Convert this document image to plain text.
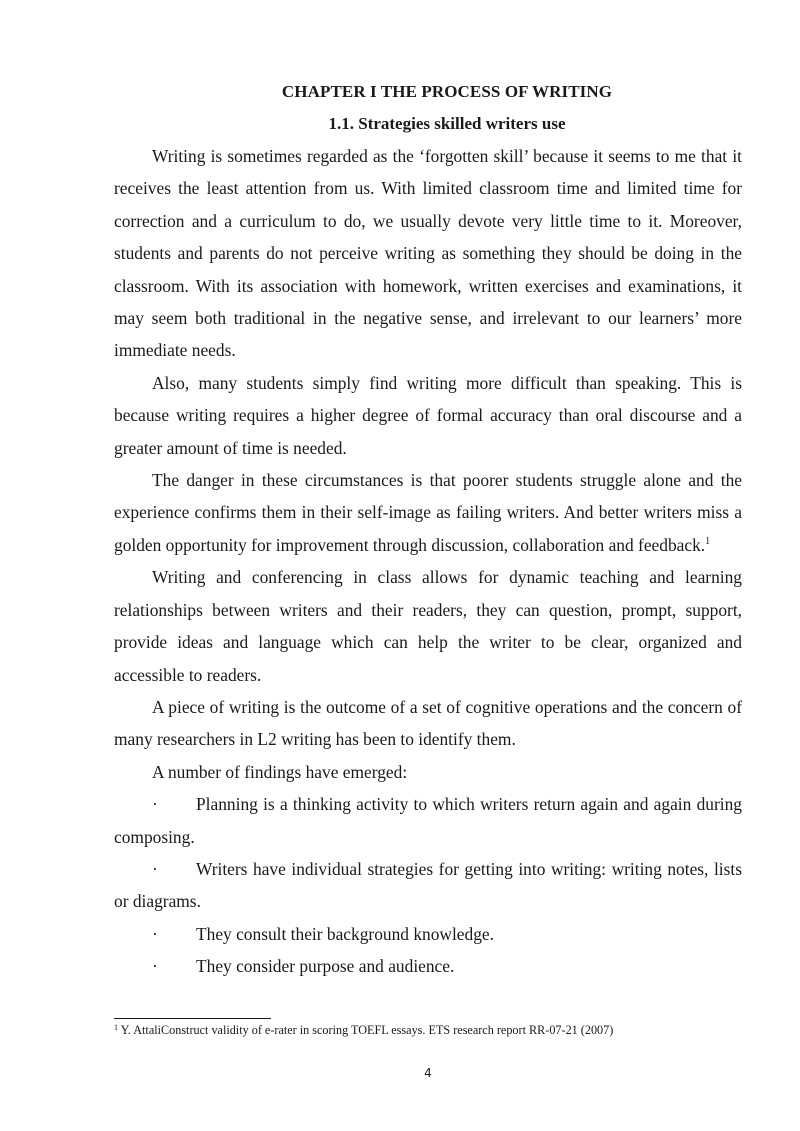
CHAPTER I THE PROCESS OF WRITING

1.1. Strategies skilled writers use

Writing is sometimes regarded as the ‘forgotten skill’ because it seems to me that it receives the least attention from us. With limited classroom time and limited time for correction and a curriculum to do, we usually devote very little time to it. Moreover, students and parents do not perceive writing as something they should be doing in the classroom. With its association with homework, written exercises and examinations, it may seem both traditional in the negative sense, and irrelevant to our learners’ more immediate needs.

Also, many students simply find writing more difficult than speaking. This is because writing requires a higher degree of formal accuracy than oral discourse and a greater amount of time is needed.

The danger in these circumstances is that poorer students struggle alone and the experience confirms them in their self-image as failing writers. And better writers miss a golden opportunity for improvement through discussion, collaboration and feedback.$^1$

Writing and conferencing in class allows for dynamic teaching and learning relationships between writers and their readers, they can question, prompt, support, provide ideas and language which can help the writer to be clear, organized and accessible to readers.

A piece of writing is the outcome of a set of cognitive operations and the concern of many researchers in L2 writing has been to identify them.

A number of findings have emerged:

· Planning is a thinking activity to which writers return again and again during composing.

· Writers have individual strategies for getting into writing: writing notes, lists or diagrams.

· They consult their background knowledge.

· They consider purpose and audience.

$^1$ Y. AttaliConstruct validity of e-rater in scoring TOEFL essays. ETS research report RR-07-21 (2007)
4
